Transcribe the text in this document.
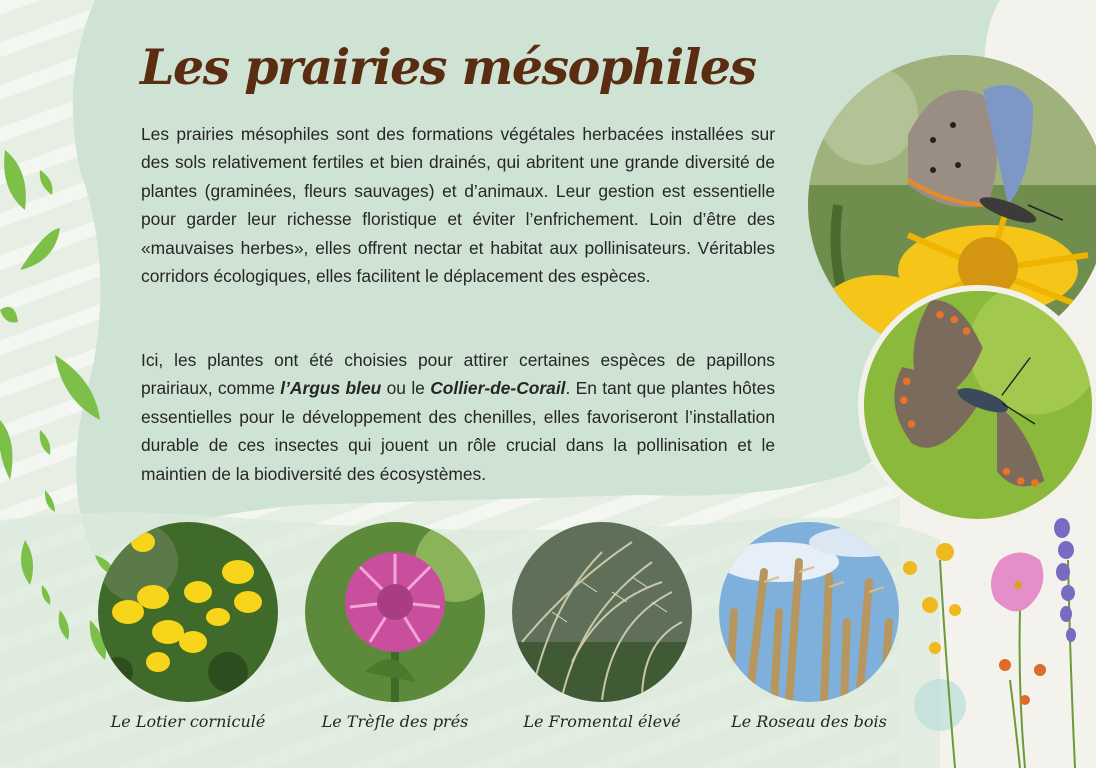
Les prairies mésophiles

Les prairies mésophiles sont des formations végétales herbacées installées sur des sols relativement fertiles et bien drainés, qui abritent une grande diversité de plantes (graminées, fleurs sauvages) et d’animaux. Leur gestion est essentielle pour garder leur richesse floristique et éviter l’enfrichement. Loin d’être des «mauvaises herbes», elles offrent nectar et habitat aux pollinisateurs. Véritables corridors écologiques, elles facilitent le déplacement des espèces.

Ici, les plantes ont été choisies pour attirer certaines espèces de papillons prairiaux, comme l’Argus bleu ou le Collier-de-Corail. En tant que plantes hôtes essentielles pour le développement des chenilles, elles favoriseront l’installation durable de ces insectes qui jouent un rôle crucial dans la pollinisation et le maintien de la biodiversité des écosystèmes.

Le Lotier corniculé	Le Trèfle des prés	Le Fromental élevé	Le Roseau des bois
